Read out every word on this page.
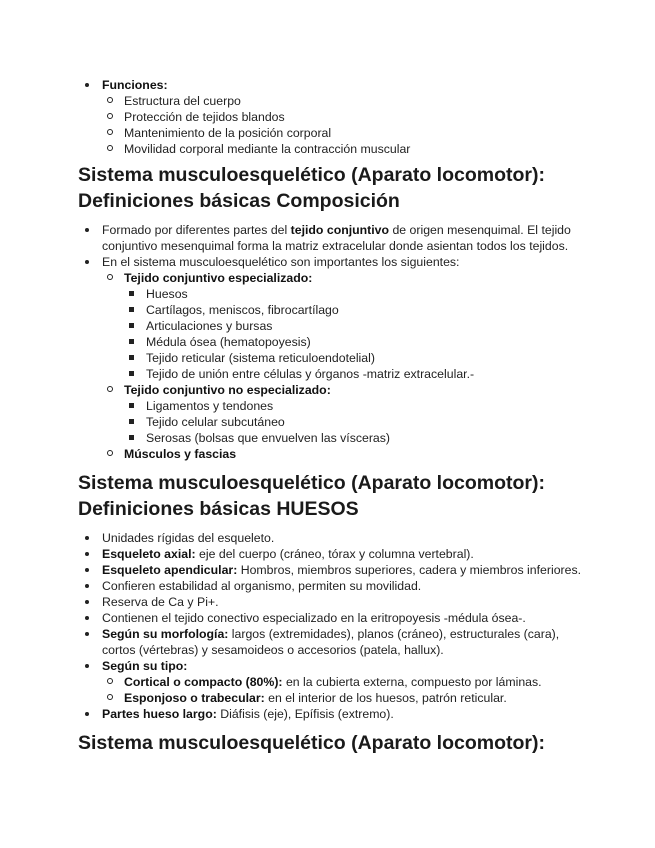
Funciones:
Estructura del cuerpo
Protección de tejidos blandos
Mantenimiento de la posición corporal
Movilidad corporal mediante la contracción muscular
Sistema musculoesquelético (Aparato locomotor):
Definiciones básicas Composición
Formado por diferentes partes del tejido conjuntivo de origen mesenquimal. El tejido conjuntivo mesenquimal forma la matriz extracelular donde asientan todos los tejidos.
En el sistema musculoesquelético son importantes los siguientes:
Tejido conjuntivo especializado:
Huesos
Cartílagos, meniscos, fibrocartílago
Articulaciones y bursas
Médula ósea (hematopoyesis)
Tejido reticular (sistema reticuloendotelial)
Tejido de unión entre células y órganos -matriz extracelular.-
Tejido conjuntivo no especializado:
Ligamentos y tendones
Tejido celular subcutáneo
Serosas (bolsas que envuelven las vísceras)
Músculos y fascias
Sistema musculoesquelético (Aparato locomotor):
Definiciones básicas HUESOS
Unidades rígidas del esqueleto.
Esqueleto axial: eje del cuerpo (cráneo, tórax y columna vertebral).
Esqueleto apendicular: Hombros, miembros superiores, cadera y miembros inferiores.
Confieren estabilidad al organismo, permiten su movilidad.
Reserva de Ca y Pi+.
Contienen el tejido conectivo especializado en la eritropoyesis -médula ósea-.
Según su morfología: largos (extremidades), planos (cráneo), estructurales (cara), cortos (vértebras) y sesamoideos o accesorios (patela, hallux).
Según su tipo:
Cortical o compacto (80%): en la cubierta externa, compuesto por láminas.
Esponjoso o trabecular: en el interior de los huesos, patrón reticular.
Partes hueso largo: Diáfisis (eje), Epífisis (extremo).
Sistema musculoesquelético (Aparato locomotor):
